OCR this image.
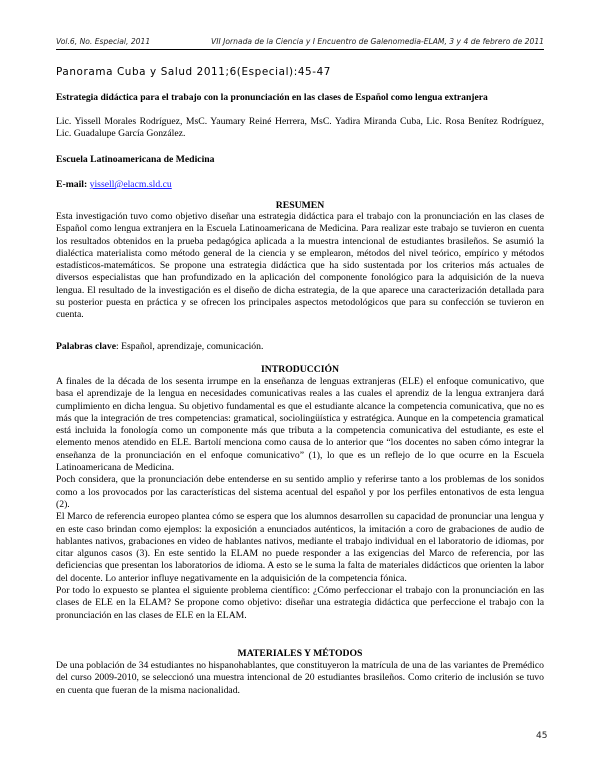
Vol.6, No. Especial, 2011	VII Jornada de la Ciencia y I Encuentro de Galenomedia-ELAM, 3 y 4 de febrero de 2011
Panorama Cuba y Salud 2011;6(Especial):45-47
Estrategia didáctica para el trabajo con la pronunciación en las clases de Español como lengua extranjera
Lic. Yissell Morales Rodríguez, MsC. Yaumary Reiné Herrera, MsC. Yadira Miranda Cuba, Lic. Rosa Benítez Rodríguez, Lic. Guadalupe García González.
Escuela Latinoamericana de Medicina
E-mail: yissell@elacm.sld.cu
RESUMEN

Esta investigación tuvo como objetivo diseñar una estrategia didáctica para el trabajo con la pronunciación en las clases de Español como lengua extranjera en la Escuela Latinoamericana de Medicina. Para realizar este trabajo se tuvieron en cuenta los resultados obtenidos en la prueba pedagógica aplicada a la muestra intencional de estudiantes brasileños. Se asumió la dialéctica materialista como método general de la ciencia y se emplearon, métodos del nivel teórico, empírico y métodos estadísticos-matemáticos. Se propone una estrategia didáctica que ha sido sustentada por los criterios más actuales de diversos especialistas que han profundizado en la aplicación del componente fonológico para la adquisición de la nueva lengua. El resultado de la investigación es el diseño de dicha estrategia, de la que aparece una caracterización detallada para su posterior puesta en práctica y se ofrecen los principales aspectos metodológicos que para su confección se tuvieron en cuenta.

Palabras clave: Español, aprendizaje, comunicación.
INTRODUCCIÓN

A finales de la década de los sesenta irrumpe en la enseñanza de lenguas extranjeras (ELE) el enfoque comunicativo, que basa el aprendizaje de la lengua en necesidades comunicativas reales a las cuales el aprendiz de la lengua extranjera dará cumplimiento en dicha lengua. Su objetivo fundamental es que el estudiante alcance la competencia comunicativa, que no es más que la integración de tres competencias: gramatical, sociolingüística y estratégica. Aunque en la competencia gramatical está incluida la fonología como un componente más que tributa a la competencia comunicativa del estudiante, es este el elemento menos atendido en ELE. Bartolí menciona como causa de lo anterior que “los docentes no saben cómo integrar la enseñanza de la pronunciación en el enfoque comunicativo” (1), lo que es un reflejo de lo que ocurre en la Escuela Latinoamericana de Medicina.

Poch considera, que la pronunciación debe entenderse en su sentido amplio y referirse tanto a los problemas de los sonidos como a los provocados por las características del sistema acentual del español y por los perfiles entonativos de esta lengua (2).

El Marco de referencia europeo plantea cómo se espera que los alumnos desarrollen su capacidad de pronunciar una lengua y en este caso brindan como ejemplos: la exposición a enunciados auténticos, la imitación a coro de grabaciones de audio de hablantes nativos, grabaciones en video de hablantes nativos, mediante el trabajo individual en el laboratorio de idiomas, por citar algunos casos (3). En este sentido la ELAM no puede responder a las exigencias del Marco de referencia, por las deficiencias que presentan los laboratorios de idioma. A esto se le suma la falta de materiales didácticos que orienten la labor del docente. Lo anterior influye negativamente en la adquisición de la competencia fónica.

Por todo lo expuesto se plantea el siguiente problema científico: ¿Cómo perfeccionar el trabajo con la pronunciación en las clases de ELE en la ELAM? Se propone como objetivo: diseñar una estrategia didáctica que perfeccione el trabajo con la pronunciación en las clases de ELE en la ELAM.

MATERIALES Y MÉTODOS

De una población de 34 estudiantes no hispanohablantes, que constituyeron la matrícula de una de las variantes de Premédico del curso 2009-2010, se seleccionó una muestra intencional de 20 estudiantes brasileños. Como criterio de inclusión se tuvo en cuenta que fueran de la misma nacionalidad.

45
